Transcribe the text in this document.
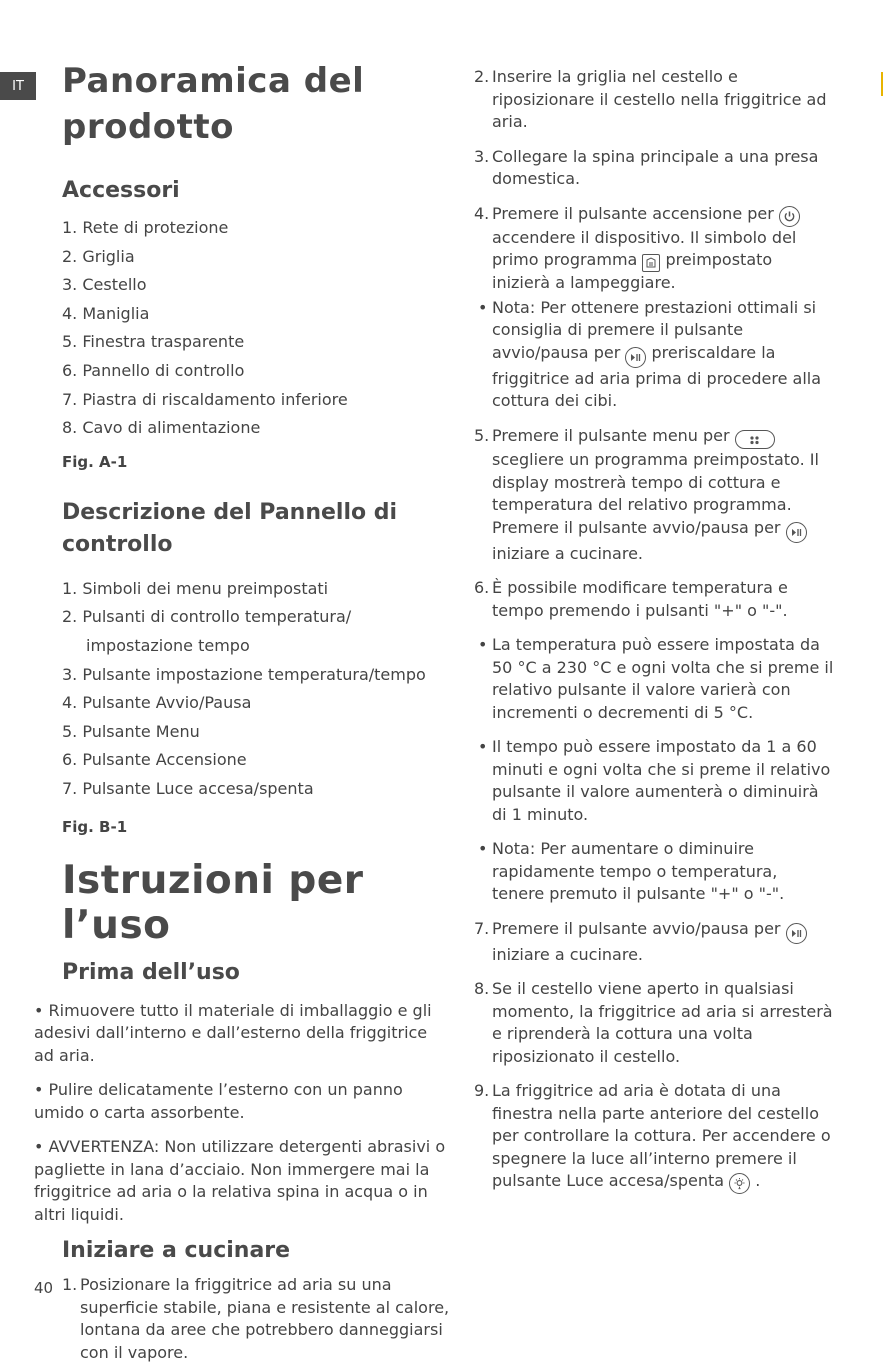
IT Panoramica del
prodotto
Accessori
1. Rete di protezione
2. Griglia
3. Cestello
4. Maniglia
5. Finestra trasparente
6. Pannello di controllo
7. Piastra di riscaldamento inferiore
8. Cavo di alimentazione

Fig. A-1

Descrizione del Pannello di
controllo
1. Simboli dei menu preimpostati
2. Pulsanti di controllo temperatura/
impostazione tempo
3. Pulsante impostazione temperatura/tempo
4. Pulsante Avvio/Pausa
5. Pulsante Menu
6. Pulsante Accensione
7. Pulsante Luce accesa/spenta

Fig. B-1

Istruzioni per l’uso
Prima dell’uso

• Rimuovere tutto il materiale di imballaggio e gli adesivi dall’interno e dall’esterno della friggitrice ad aria.

• Pulire delicatamente l’esterno con un panno umido o carta assorbente.

• AVVERTENZA: Non utilizzare detergenti abrasivi o pagliette in lana d’acciaio. Non immergere mai la friggitrice ad aria o la relativa spina in acqua o in altri liquidi.

Iniziare a cucinare

1. Posizionare la friggitrice ad aria su una superficie stabile, piana e resistente al calore, lontana da aree che potrebbero danneggiarsi con il vapore.

2. Inserire la griglia nel cestello e riposizionare il cestello nella friggitrice ad aria.

3. Collegare la spina principale a una presa domestica.

4. Premere il pulsante accensione per
accendere il dispositivo. Il simbolo del primo programma preimpostato inizierà a lampeggiare.

• Nota: Per ottenere prestazioni ottimali si consiglia di premere il pulsante avvio/pausa per preriscaldare la friggitrice ad aria prima di procedere alla cottura dei cibi.

5. Premere il pulsante menu per
scegliere un programma preimpostato. Il display mostrerà tempo di cottura e temperatura del relativo programma. Premere il pulsante avvio/pausa per
iniziare a cucinare.

6. È possibile modificare temperatura e tempo premendo i pulsanti "+" o "-".

• La temperatura può essere impostata da 50 °C a 230 °C e ogni volta che si preme il relativo pulsante il valore varierà con incrementi o decrementi di 5 °C.

• Il tempo può essere impostato da 1 a 60 minuti e ogni volta che si preme il relativo pulsante il valore aumenterà o diminuirà di 1 minuto.

• Nota: Per aumentare o diminuire rapidamente tempo o temperatura, tenere premuto il pulsante "+" o "-".

7. Premere il pulsante avvio/pausa per
iniziare a cucinare.

8. Se il cestello viene aperto in qualsiasi momento, la friggitrice ad aria si arresterà e riprenderà la cottura una volta riposizionato il cestello.

9. La friggitrice ad aria è dotata di una finestra nella parte anteriore del cestello per controllare la cottura. Per accendere o spegnere la luce all’interno premere il pulsante Luce accesa/spenta .

40
